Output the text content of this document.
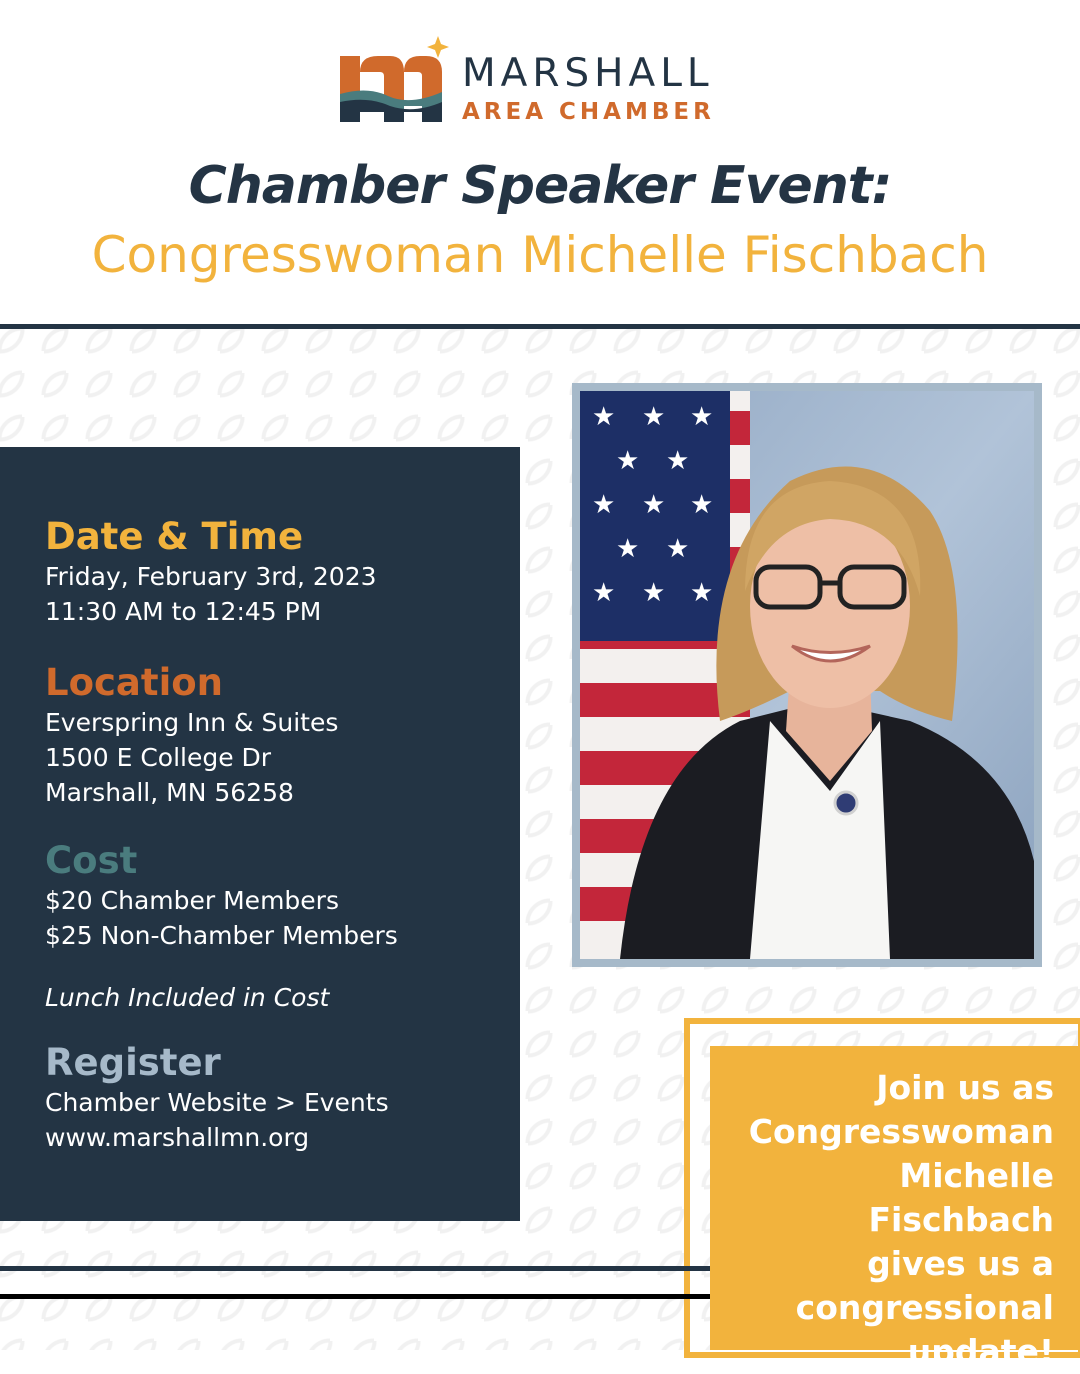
MARSHALL
AREA CHAMBER
Chamber Speaker Event:
Congresswoman Michelle Fischbach
Date & Time
Friday, February 3rd, 2023
11:30 AM to 12:45 PM
Location
Everspring Inn & Suites
1500 E College Dr
Marshall, MN 56258
Cost
$20 Chamber Members
$25 Non-Chamber Members
Lunch Included in Cost
Register
Chamber Website > Events
www.marshallmn.org
★ ★ ★
★ ★
★ ★ ★
★ ★
★ ★ ★
Join us as
Congresswoman
Michelle Fischbach
gives us a
congressional
update!
